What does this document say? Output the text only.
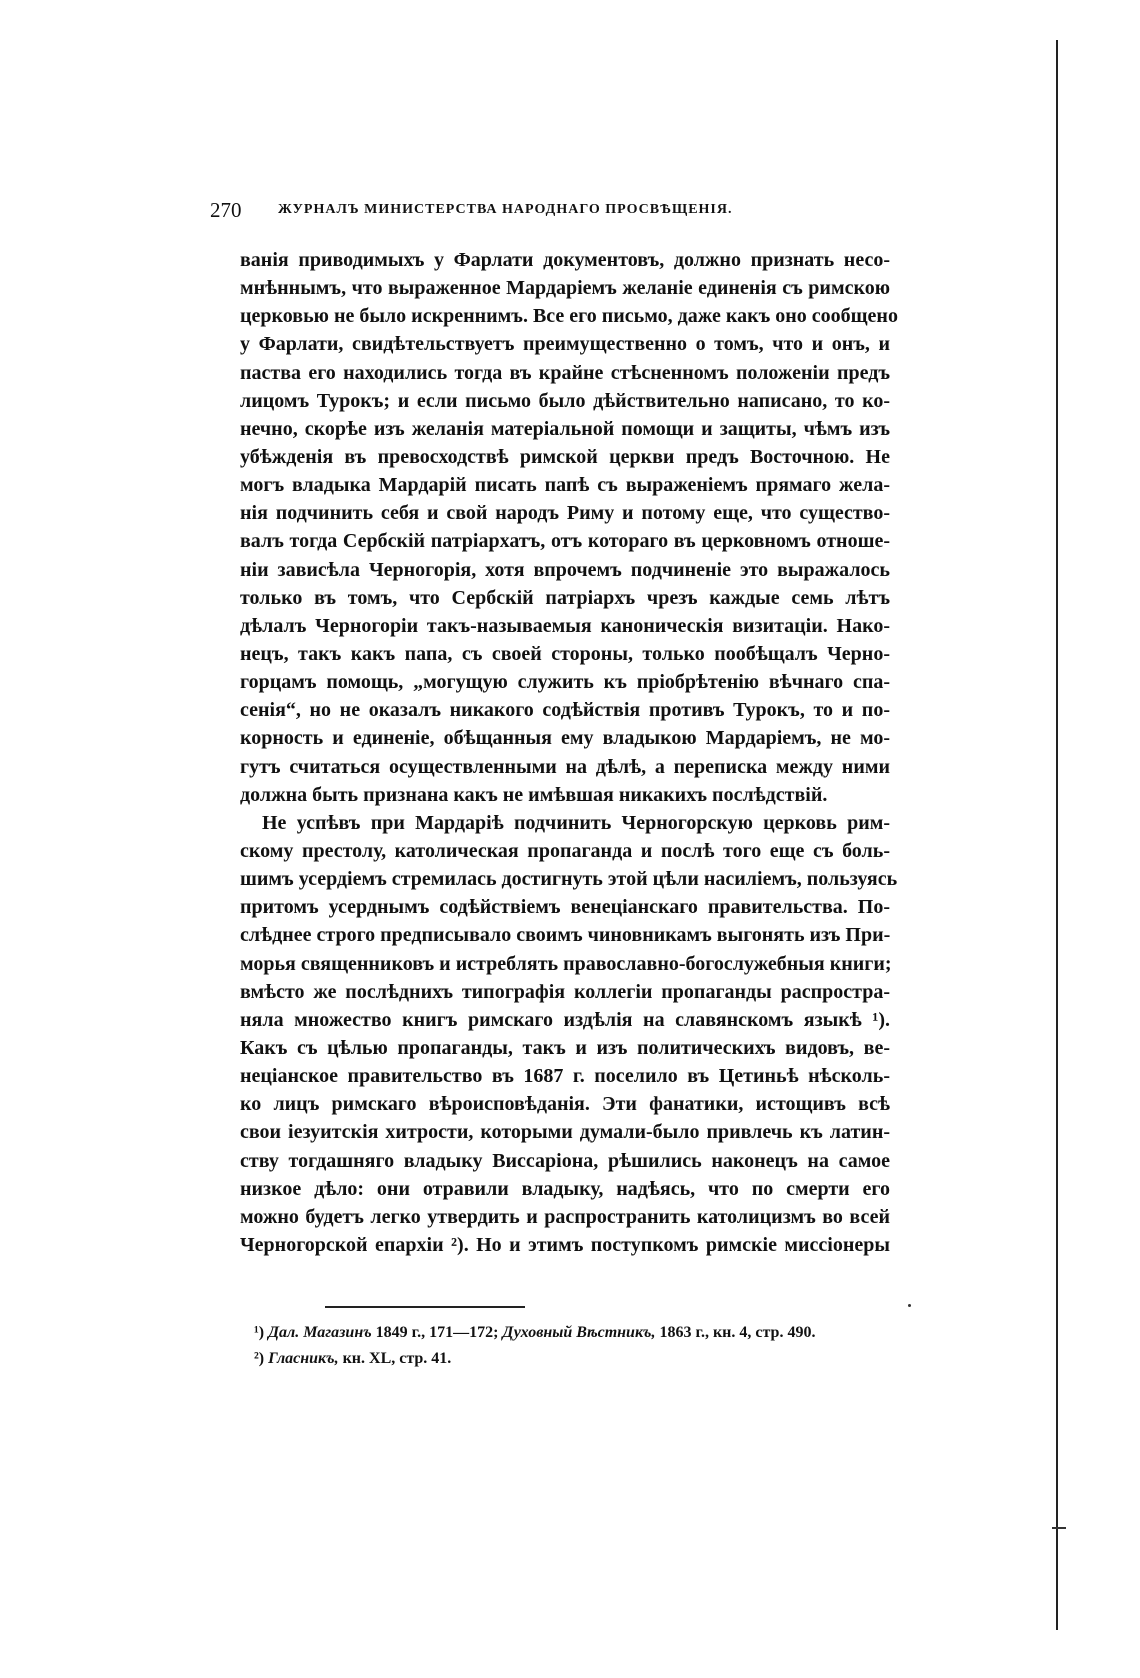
270	ЖУРНАЛЪ МИНИСТЕРСТВА НАРОДНАГО ПРОСВѢЩЕНІЯ.
ванія приводимыхъ у Фарлати документовъ, должно признать несо-
мнѣннымъ, что выраженное Мардаріемъ желаніе единенія съ римскою
церковью не было искреннимъ. Все его письмо, даже какъ оно сообщено
у Фарлати, свидѣтельствуетъ преимущественно о томъ, что и онъ, и
паства его находились тогда въ крайне стѣсненномъ положеніи предъ
лицомъ Турокъ; и если письмо было дѣйствительно написано, то ко-
нечно, скорѣе изъ желанія матеріальной помощи и защиты, чѣмъ изъ
убѣжденія въ превосходствѣ римской церкви предъ Восточною. Не
могъ владыка Мардарій писать папѣ съ выраженіемъ прямаго жела-
нія подчинить себя и свой народъ Риму и потому еще, что существо-
валъ тогда Сербскій патріархатъ, отъ котораго въ церковномъ отноше-
ніи зависѣла Черногорія, хотя впрочемъ подчиненіе это выражалось
только въ томъ, что Сербскій патріархъ чрезъ каждые семь лѣтъ
дѣлалъ Черногоріи такъ-называемыя каноническія визитаціи. Нако-
нецъ, такъ какъ папа, съ своей стороны, только пообѣщалъ Черно-
горцамъ помощь, „могущую служить къ пріобрѣтенію вѣчнаго спа-
сенія“, но не оказалъ никакого содѣйствія противъ Турокъ, то и по-
корность и единеніе, обѣщанныя ему владыкою Мардаріемъ, не мо-
гутъ считаться осуществленными на дѣлѣ, а переписка между ними
должна быть признана какъ не имѣвшая никакихъ послѣдствій.
Не успѣвъ при Мардаріѣ подчинить Черногорскую церковь рим-
скому престолу, католическая пропаганда и послѣ того еще съ боль-
шимъ усердіемъ стремилась достигнуть этой цѣли насиліемъ, пользуясь
притомъ усерднымъ содѣйствіемъ венеціанскаго правительства. По-
слѣднее строго предписывало своимъ чиновникамъ выгонять изъ При-
морья священниковъ и истреблять православно-богослужебныя книги;
вмѣсто же послѣднихъ типографія коллегіи пропаганды распростра-
няла множество книгъ римскаго издѣлія на славянскомъ языкѣ ¹).
Какъ съ цѣлью пропаганды, такъ и изъ политическихъ видовъ, ве-
неціанское правительство въ 1687 г. поселило въ Цетиньѣ нѣсколь-
ко лицъ римскаго вѣроисповѣданія. Эти фанатики, истощивъ всѣ
свои іезуитскія хитрости, которыми думали-было привлечь къ латин-
ству тогдашняго владыку Виссаріона, рѣшились наконецъ на самое
низкое дѣло: они отравили владыку, надѣясь, что по смерти его
можно будетъ легко утвердить и распространить католицизмъ во всей
Черногорской епархіи ²). Но и этимъ поступкомъ римскіе миссіонеры
¹) Дал. Магазинъ 1849 г., 171—172; Духовный Вѣстникъ, 1863 г., кн. 4, стр. 490.
²) Гласникъ, кн. XL, стр. 41.
